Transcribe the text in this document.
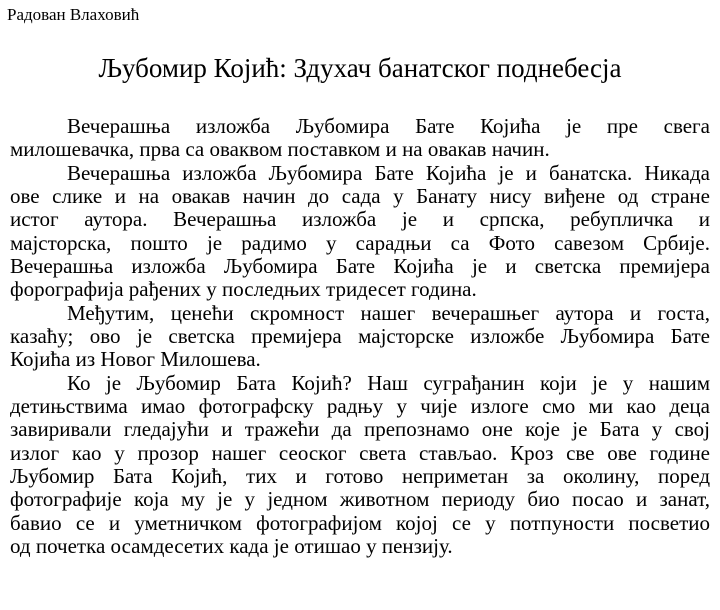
Радован Влаховић
Љубомир Којић: Здухач банатског поднебесја
Вечерашња изложба Љубомира Бате Којића је пре свега
милошевачка, прва са оваквом поставком и на овакав начин.
Вечерашња изложба Љубомира Бате Којића је и банатска. Никада
ове слике и на овакав начин до сада у Банату нису виђене од стране
истог аутора. Вечерашња изложба је и српска, ребупличка и
мајсторска, пошто је радимо у сарадњи са Фото савезом Србије.
Вечерашња изложба Љубомира Бате Којића је и светска премијера
форографија рађених у последњих тридесет година.
Међутим, ценећи скромност нашег вечерашњег аутора и госта,
казаћу; ово је светска премијера мајсторске изложбе Љубомира Бате
Којића из Новог Милошева.
Ко је Љубомир Бата Којић? Наш суграђанин који је у нашим
детињствима имао фотографску радњу у чије излоге смо ми као деца
завиривали гледајући и тражећи да препознамо оне које је Бата у свој
излог као у прозор нашег сеоског света стављао. Кроз све ове године
Љубомир Бата Којић, тих и готово неприметан за околину, поред
фотографије која му је у једном животном периоду био посао и занат,
бавио се и уметничком фотографијом којој се у потпуности посветио
од почетка осамдесетих када је отишао у пензију.
